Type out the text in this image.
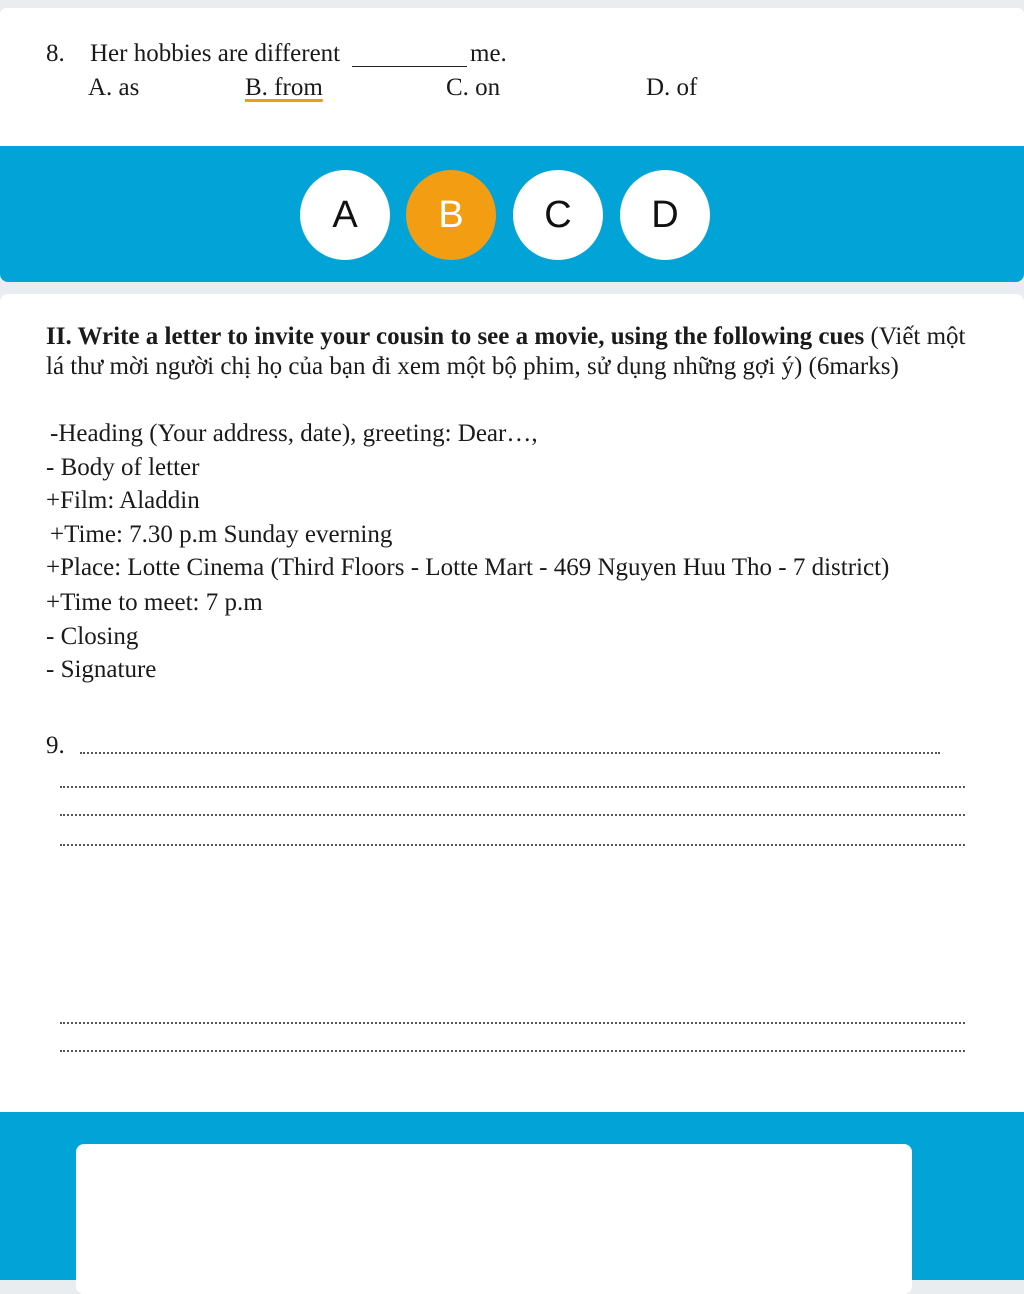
8. Her hobbies are different	me.
A. as	B. from	C. on	D. of
A	B	C	D
II. Write a letter to invite your cousin to see a movie, using the following cues (Viết một lá thư mời người chị họ của bạn đi xem một bộ phim, sử dụng những gợi ý) (6marks)
-Heading (Your address, date), greeting: Dear…,
- Body of letter
+Film: Aladdin
+Time: 7.30 p.m Sunday everning
+Place: Lotte Cinema (Third Floors - Lotte Mart - 469 Nguyen Huu Tho - 7 district)
+Time to meet: 7 p.m
- Closing
- Signature
9.
